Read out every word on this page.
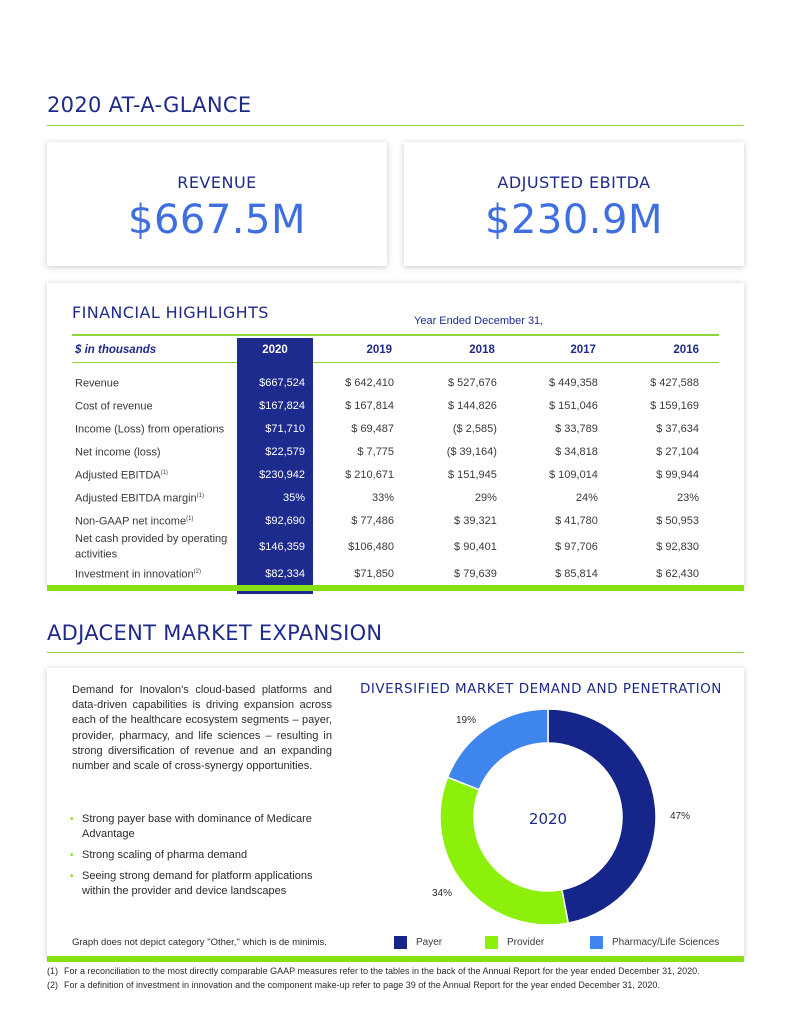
2020 AT-A-GLANCE
REVENUE
$667.5M
ADJUSTED EBITDA
$230.9M
FINANCIAL HIGHLIGHTS	Year Ended December 31,
$ in thousands	2020	2019	2018	2017	2016

Revenue	$667,524	$ 642,410	$ 527,676	$ 449,358	$ 427,588
Cost of revenue	$167,824	$ 167,814	$ 144,826	$ 151,046	$ 159,169
Income (Loss) from operations	$71,710	$ 69,487	($ 2,585)	$ 33,789	$ 37,634
Net income (loss)	$22,579	$ 7,775	($ 39,164)	$ 34,818	$ 27,104
Adjusted EBITDA$^{(1)}$	$230,942	$ 210,671	$ 151,945	$ 109,014	$ 99,944
Adjusted EBITDA margin$^{(1)}$	35%	33%	29%	24%	23%
Non-GAAP net income$^{(1)}$	$92,690	$ 77,486	$ 39,321	$ 41,780	$ 50,953
Net cash provided by operating activities	$146,359	$106,480	$ 90,401	$ 97,706	$ 92,830
Investment in innovation$^{(2)}$	$82,334	$71,850	$ 79,639	$ 85,814	$ 62,430

ADJACENT MARKET EXPANSION
Demand for Inovalon's cloud-based platforms and data-driven capabilities is driving expansion across each of the healthcare ecosystem segments – payer, provider, pharmacy, and life sciences – resulting in strong diversification of revenue and an expanding number and scale of cross-synergy opportunities.
• Strong payer base with dominance of Medicare Advantage
• Strong scaling of pharma demand
• Seeing strong demand for platform applications within the provider and device landscapes
DIVERSIFIED MARKET DEMAND AND PENETRATION
2020	47%
34%
19%
Graph does not depict category "Other," which is de minimis.	Payer	Provider	Pharmacy/Life Sciences
(1) For a reconciliation to the most directly comparable GAAP measures refer to the tables in the back of the Annual Report for the year ended December 31, 2020.
(2) For a definition of investment in innovation and the component make-up refer to page 39 of the Annual Report for the year ended December 31, 2020.
